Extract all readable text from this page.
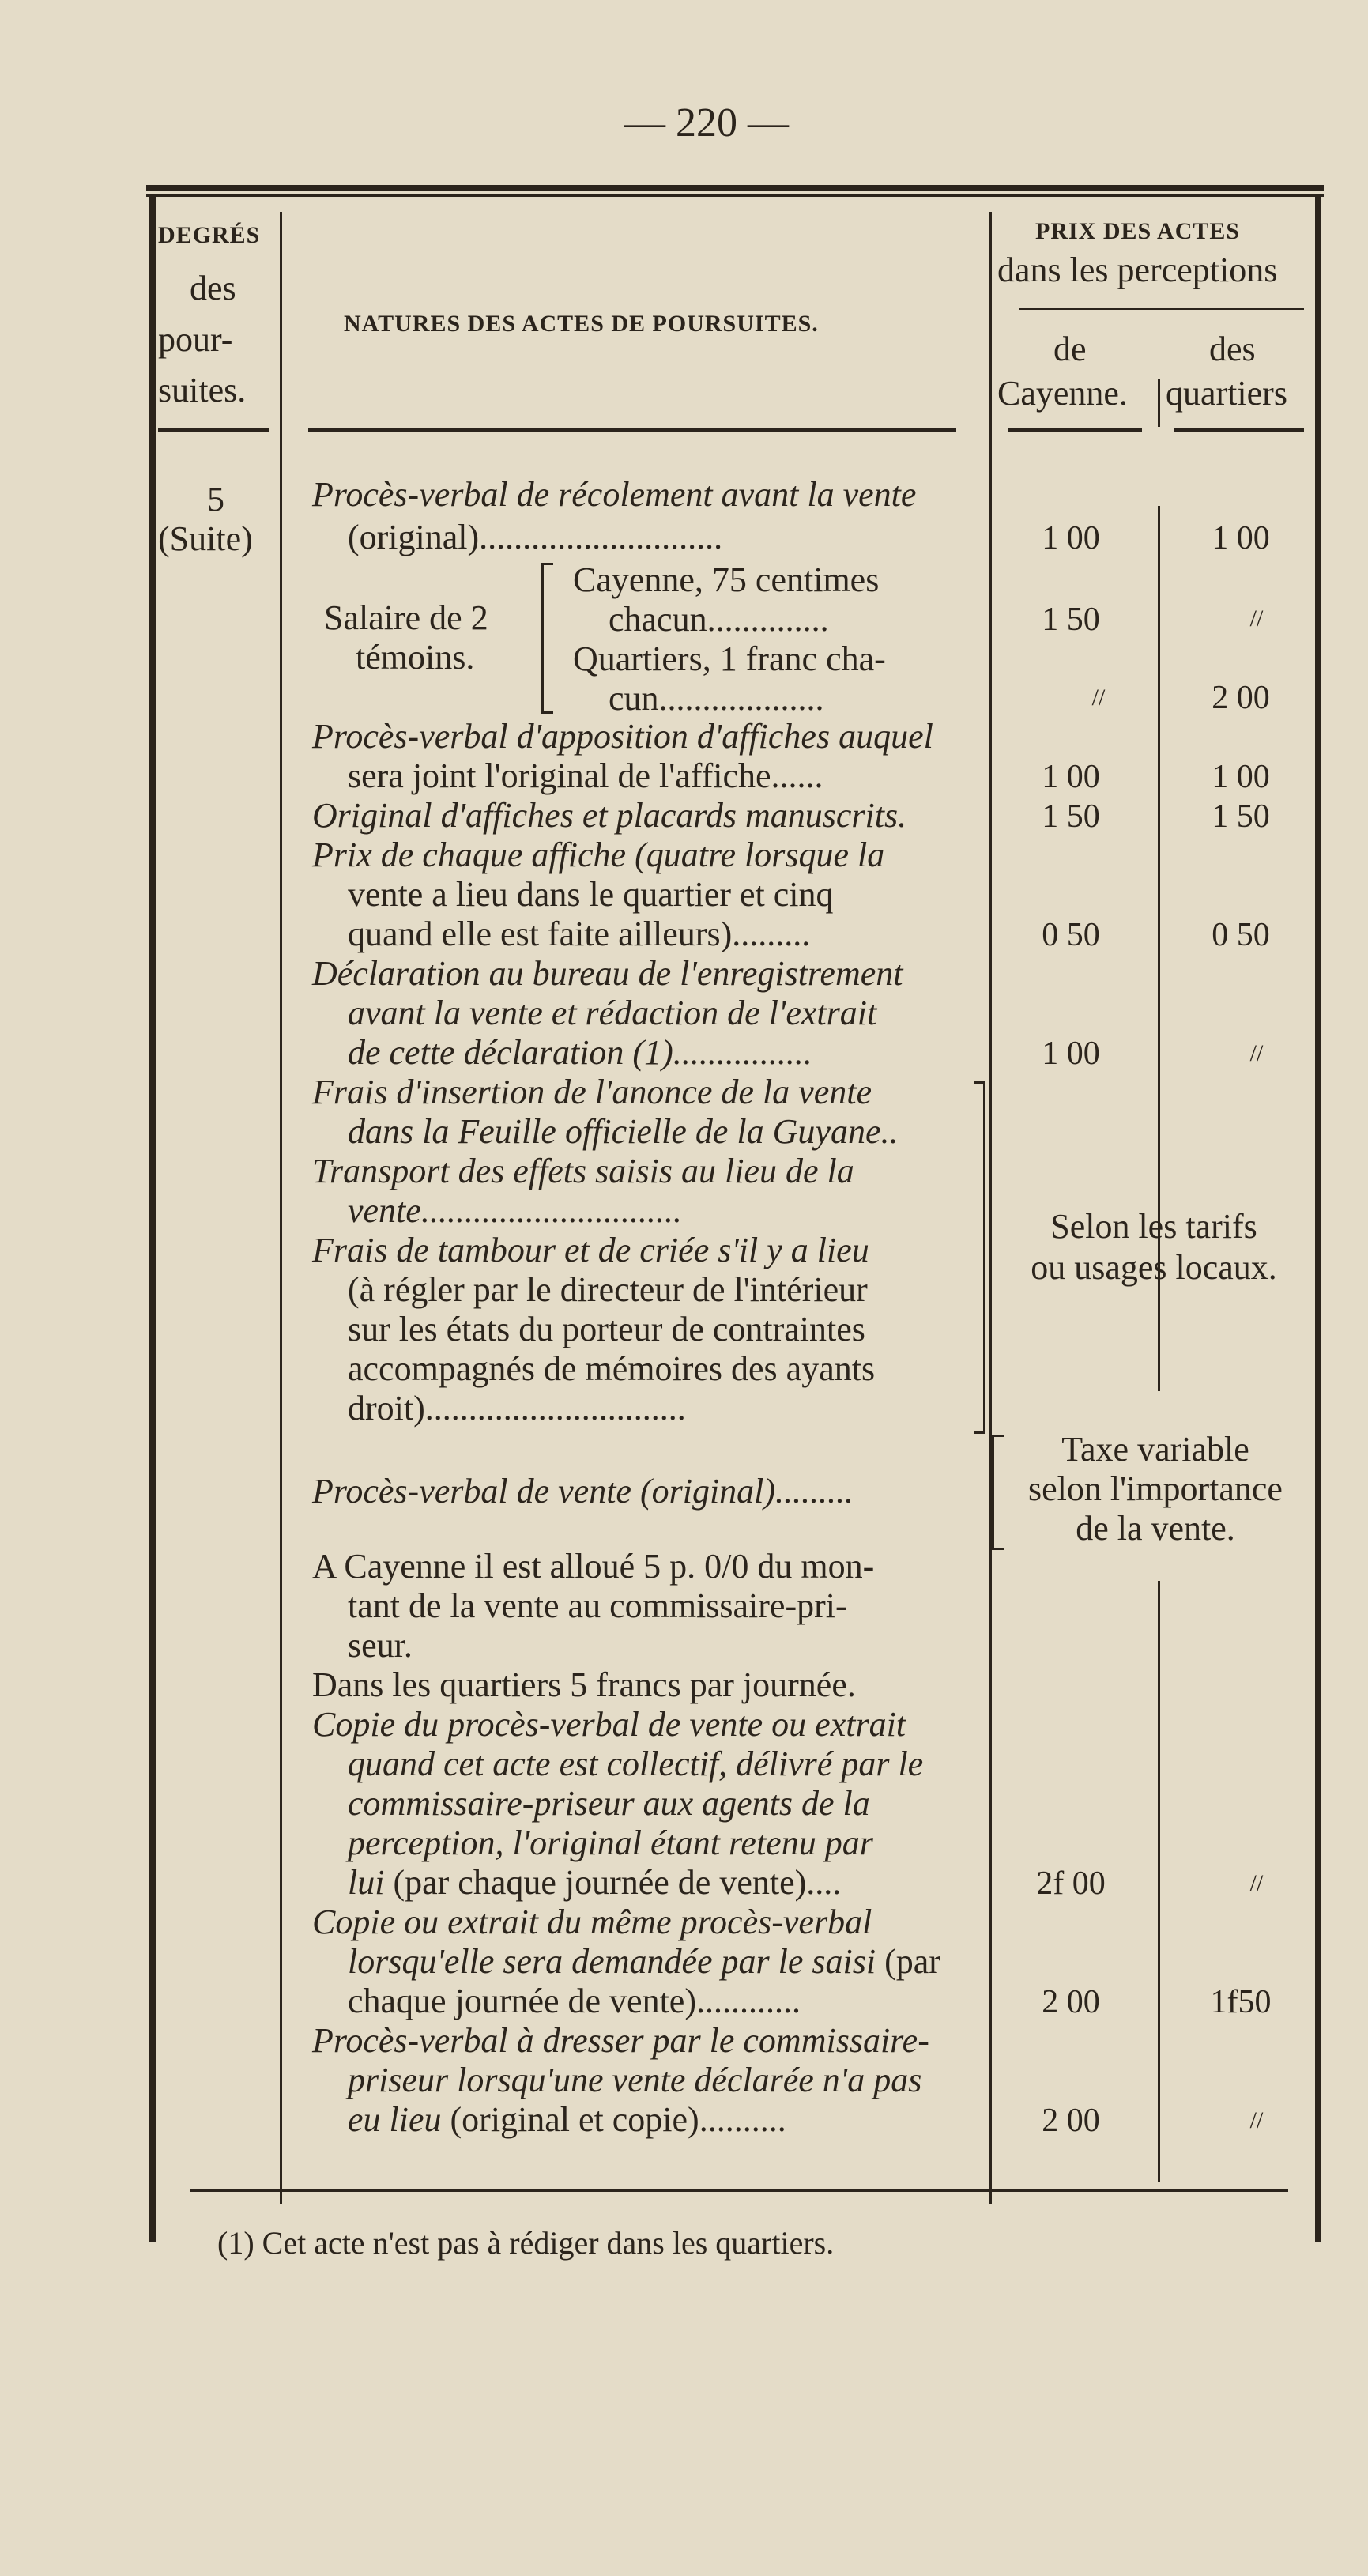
— 220 —
DEGRÉS
des
pour-
suites.
NATURES DES ACTES DE POURSUITES.
PRIX DES ACTES
dans les perceptions
de
Cayenne.
des
quartiers
5
(Suite)
Procès-verbal de récolement avant la vente
(original)............................	1 00	1 00
Salaire de 2
témoins.
Cayenne, 75 centimes
chacun..............	1 50	//
Quartiers, 1 franc cha-
cun...................	//	2 00
Procès-verbal d'apposition d'affiches auquel
sera joint l'original de l'affiche......	1 00	1 00
Original d'affiches et placards manuscrits.	1 50	1 50
Prix de chaque affiche (quatre lorsque la
vente a lieu dans le quartier et cinq
quand elle est faite ailleurs).........	0 50	0 50
Déclaration au bureau de l'enregistrement
avant la vente et rédaction de l'extrait
de cette déclaration (1)................	1 00	//
Frais d'insertion de l'anonce de la vente
dans la Feuille officielle de la Guyane..
Transport des effets saisis au lieu de la
vente..............................
Frais de tambour et de criée s'il y a lieu
(à régler par le directeur de l'intérieur
sur les états du porteur de contraintes
accompagnés de mémoires des ayants
droit)..............................
Selon les tarifs
ou usages locaux.
Procès-verbal de vente (original).........
Taxe variable
selon l'importance
de la vente.
A Cayenne il est alloué 5 p. 0/0 du mon-
tant de la vente au commissaire-pri-
seur.
Dans les quartiers 5 francs par journée.
Copie du procès-verbal de vente ou extrait
quand cet acte est collectif, délivré par le
commissaire-priseur aux agents de la
perception, l'original étant retenu par
lui (par chaque journée de vente)....	2f 00	//
Copie ou extrait du même procès-verbal
lorsqu'elle sera demandée par le saisi (par
chaque journée de vente)............	2 00	1f50
Procès-verbal à dresser par le commissaire-
priseur lorsqu'une vente déclarée n'a pas
eu lieu (original et copie)..........	2 00	//
(1) Cet acte n'est pas à rédiger dans les quartiers.
